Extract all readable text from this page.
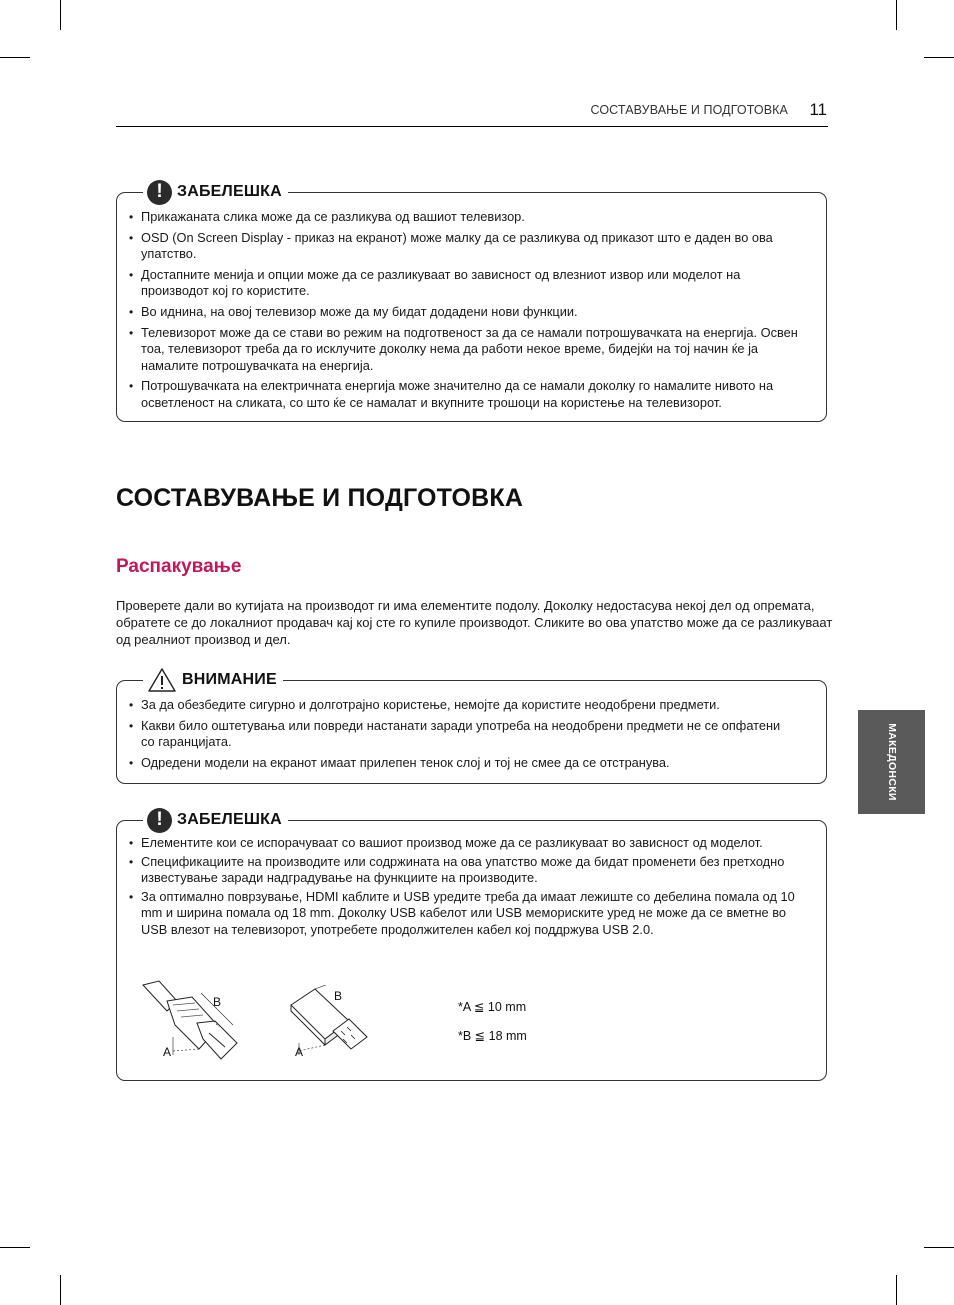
СОСТАВУВАЊЕ И ПОДГОТОВКА 11
МАКЕДОНСКИ
! ЗАБЕЛЕШКА
• Прикажаната слика може да се разликува од вашиот телевизор.
• OSD (On Screen Display - приказ на екранот) може малку да се разликува од приказот што е даден во ова упатство.
• Достапните менија и опции може да се разликуваат во зависност од влезниот извор или моделот на производот кој го користите.
• Во иднина, на овој телевизор може да му бидат додадени нови функции.
• Телевизорот може да се стави во режим на подготвеност за да се намали потрошувачката на енергија. Освен тоа, телевизорот треба да го исклучите доколку нема да работи некое време, бидејќи на тој начин ќе ја намалите потрошувачката на енергија.
• Потрошувачката на електричната енергија може значително да се намали доколку го намалите нивото на осветленост на сликата, со што ќе се намалат и вкупните трошоци на користење на телевизорот.
СОСТАВУВАЊЕ И ПОДГОТОВКА
Распакување

Проверете дали во кутијата на производот ги има елементите подолу. Доколку недостасува некој дел од опремата, обратете се до локалниот продавач кај кој сте го купиле производот. Сликите во ова упатство може да се разликуваат од реалниот производ и дел.

ВНИМАНИЕ
• За да обезбедите сигурно и долготрајно користење, немојте да користите неодобрени предмети.
• Какви било оштетувања или повреди настанати заради употреба на неодобрени предмети не се опфатени со гаранцијата.
• Одредени модели на екранот имаат прилепен тенок слој и тој не смее да се отстранува.
! ЗАБЕЛЕШКА
• Елементите кои се испорачуваат со вашиот производ може да се разликуваат во зависност од моделот.
• Спецификациите на производите или содржината на ова упатство може да бидат променети без претходно известување заради надградување на функциите на производите.
• За оптимално поврзување, HDMI каблите и USB уредите треба да имаат лежиште со дебелина помала од 10 mm и ширина помала од 18 mm. Доколку USB кабелот или USB мемориските уред не може да се вметне во USB влезот на телевизорот, употребете продолжителен кабел кој поддржува USB 2.0.
B
A
B
A
*A ≦ 10 mm
*B ≦ 18 mm
